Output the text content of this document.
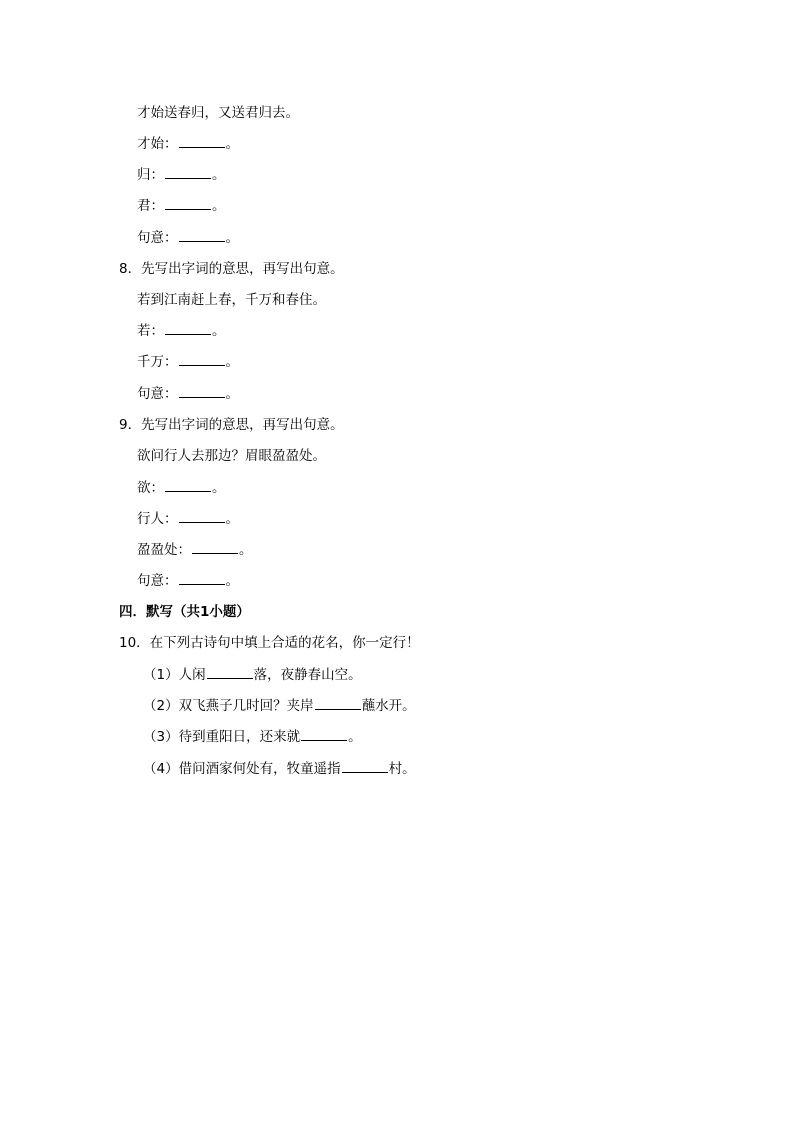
才始送春归，又送君归去。
才始：	。
归：	。
君：	。
句意：	。
8．先写出字词的意思，再写出句意。
若到江南赶上春，千万和春住。
若：	。
千万：	。
句意：	。
9．先写出字词的意思，再写出句意。
欲问行人去那边？眉眼盈盈处。
欲：	。
行人：	。
盈盈处：	。
句意：	。
四．默写（共1小题）
10．在下列古诗句中填上合适的花名，你一定行！
（1）人闲	落，夜静春山空。
（2）双飞燕子几时回？夹岸	蘸水开。
（3）待到重阳日，还来就	。
（4）借问酒家何处有，牧童遥指	村。
